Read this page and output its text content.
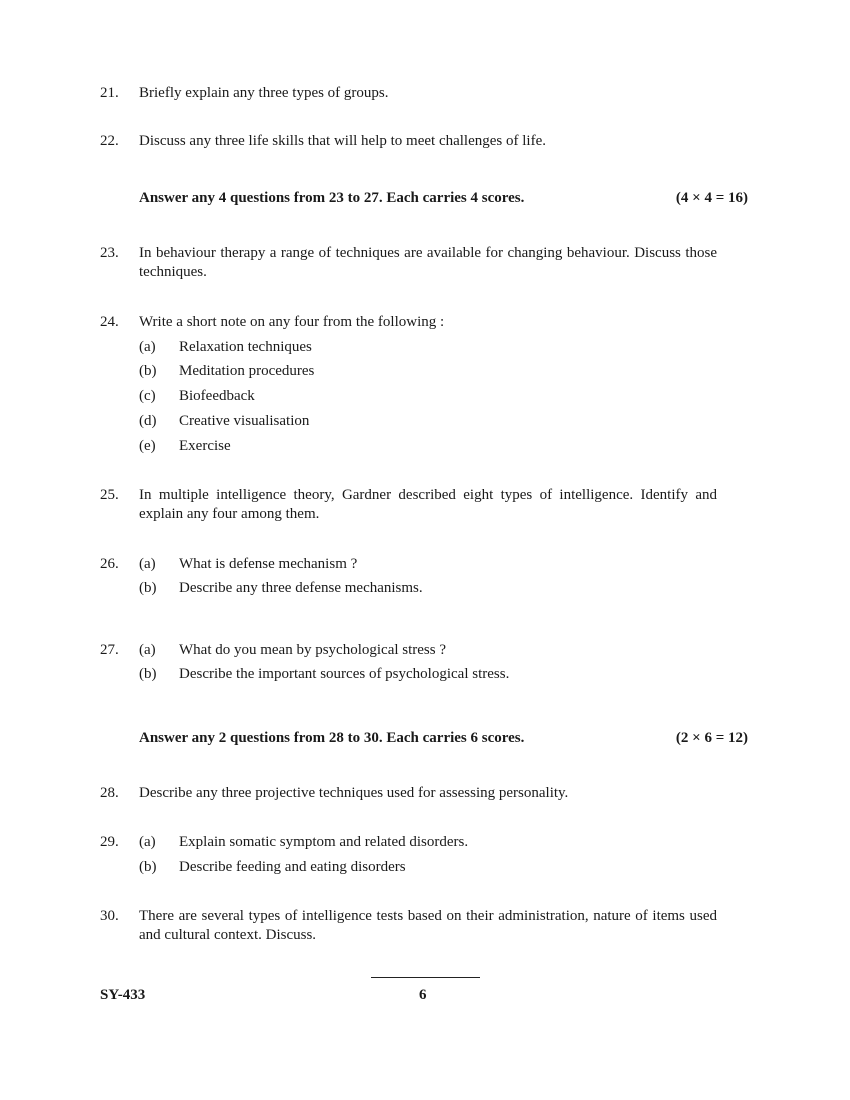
21. Briefly explain any three types of groups.
22. Discuss any three life skills that will help to meet challenges of life.
Answer any 4 questions from 23 to 27. Each carries 4 scores.	(4 × 4 = 16)
23. In behaviour therapy a range of techniques are available for changing behaviour. Discuss those techniques.
24. Write a short note on any four from the following :
(a) Relaxation techniques
(b) Meditation procedures
(c) Biofeedback
(d) Creative visualisation
(e) Exercise
25. In multiple intelligence theory, Gardner described eight types of intelligence. Identify and explain any four among them.
26. (a) What is defense mechanism ?
(b) Describe any three defense mechanisms.
27. (a) What do you mean by psychological stress ?
(b) Describe the important sources of psychological stress.
Answer any 2 questions from 28 to 30. Each carries 6 scores.	(2 × 6 = 12)
28. Describe any three projective techniques used for assessing personality.
29. (a) Explain somatic symptom and related disorders.
(b) Describe feeding and eating disorders
30. There are several types of intelligence tests based on their administration, nature of items used and cultural context. Discuss.
SY-433	6
